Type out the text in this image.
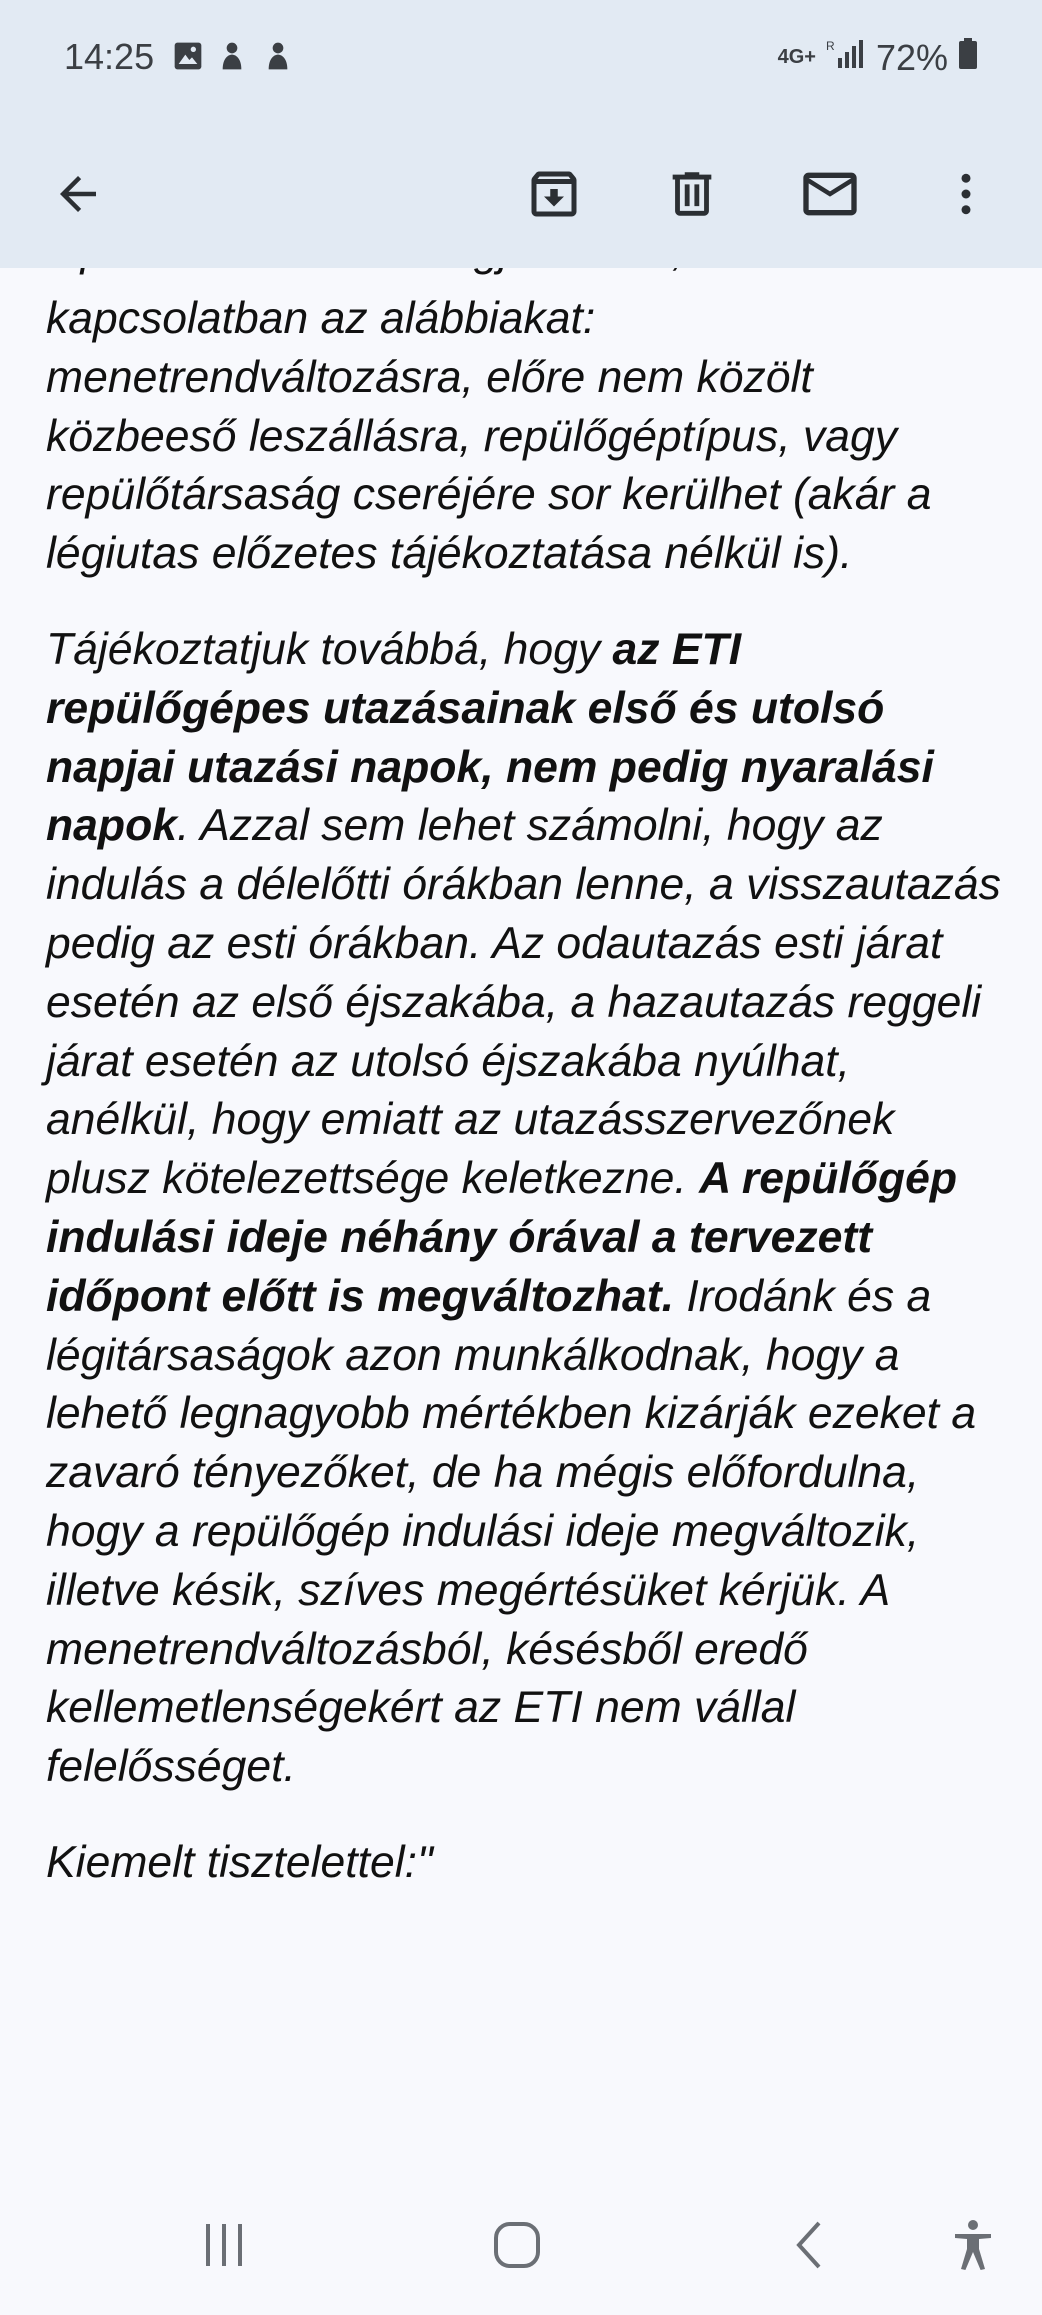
14:25	4G+ R 72%

kapcsolatban az alábbiakat: menetrendváltozásra, előre nem közölt közbeeső leszállásra, repülőgéptípus, vagy repülőtársaság cseréjére sor kerülhet (akár a légiutas előzetes tájékoztatása nélkül is).

Tájékoztatjuk továbbá, hogy az ETI repülőgépes utazásainak első és utolsó napjai utazási napok, nem pedig nyaralási napok. Azzal sem lehet számolni, hogy az indulás a délelőtti órákban lenne, a visszautazás pedig az esti órákban. Az odautazás esti járat esetén az első éjszakába, a hazautazás reggeli járat esetén az utolsó éjszakába nyúlhat, anélkül, hogy emiatt az utazásszervezőnek plusz kötelezettsége keletkezne. A repülőgép indulási ideje néhány órával a tervezett időpont előtt is megváltozhat. Irodánk és a légitársaságok azon munkálkodnak, hogy a lehető legnagyobb mértékben kizárják ezeket a zavaró tényezőket, de ha mégis előfordulna, hogy a repülőgép indulási ideje megváltozik, illetve késik, szíves megértésüket kérjük. A menetrendváltozásból, késésből eredő kellemetlenségekért az ETI nem vállal felelősséget.

Kiemelt tisztelettel:"
